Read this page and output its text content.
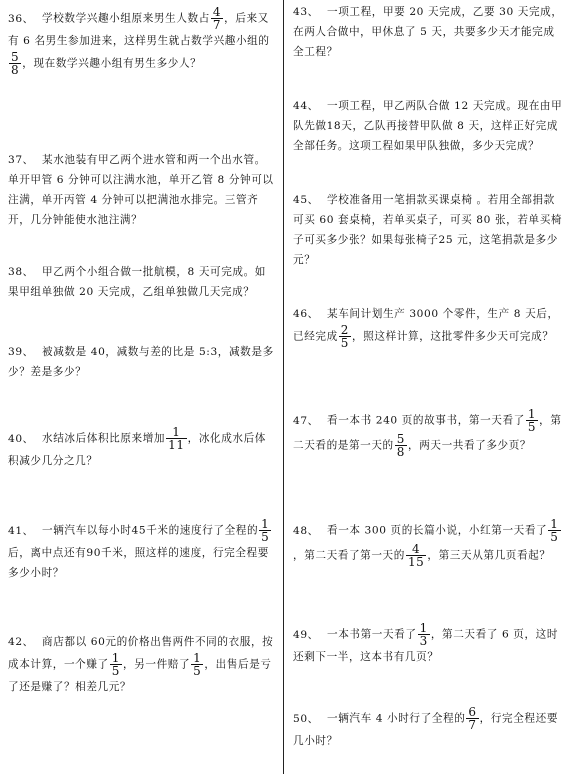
36、 学校数学兴趣小组原来男生人数占 $\frac{4}{7}$ ，后来又有 6 名男生参加进来，这样男生就占数学兴趣小组的
$\frac{5}{8}$ ，现在数学兴趣小组有男生多少人？
37、 某水池装有甲乙两个进水管和两一个出水管。单开甲管 6 分钟可以注满水池，单开乙管 8 分钟可以注满，单开丙管 4 分钟可以把满池水排完。三管齐开，几分钟能使水池注满？
38、 甲乙两个小组合做一批航模，8 天可完成。如果甲组单独做 20 天完成，乙组单独做几天完成？
39、 被减数是 40，减数与差的比是 5:3，减数是多少？差是多少？
40、 水结冰后体积比原来增加 $\frac{1}{11}$ ，冰化成水后体积减少几分之几？
41、 一辆汽车以每小时45千米的速度行了全程的 $\frac{1}{5}$
后，离中点还有90千米，照这样的速度，行完全程要多少小时？
42、 商店都以 60元的价格出售两件不同的衣服，按成本计算，一个赚了 $\frac{1}{5}$ ，另一件赔了 $\frac{1}{5}$ ，出售后是亏了还是赚了？相差几元？
43、 一项工程，甲要 20 天完成，乙要 30 天完成，在两人合做中，甲休息了 5 天，共要多少天才能完成全工程？
44、 一项工程，甲乙两队合做 12 天完成。现在由甲队先做18天，乙队再接替甲队做 8 天，这样正好完成全部任务。这项工程如果甲队独做，多少天完成？
45、 学校准备用一笔捐款买课桌椅 。若用全部捐款可买 60 套桌椅，若单买桌子，可买 80 张，若单买椅子可买多少张？如果每张椅子25 元，这笔捐款是多少元？
46、 某车间计划生产 3000 个零件，生产 8 天后，已经完成 $\frac{2}{5}$ ，照这样计算，这批零件多少天可完成？
47、 看一本书 240 页的故事书，第一天看了 $\frac{1}{5}$ ，第二天看的是第一天的 $\frac{5}{8}$ ，两天一共看了多少页？
48、 看一本 300 页的长篇小说，小红第一天看了 $\frac{1}{5}$
，第二天看了第一天的 $\frac{4}{15}$ ，第三天从第几页看起？
49、 一本书第一天看了 $\frac{1}{3}$ ，第二天看了 6 页，这时还剩下一半，这本书有几页？
50、 一辆汽车 4 小时行了全程的 $\frac{6}{7}$ ，行完全程还要几小时？
